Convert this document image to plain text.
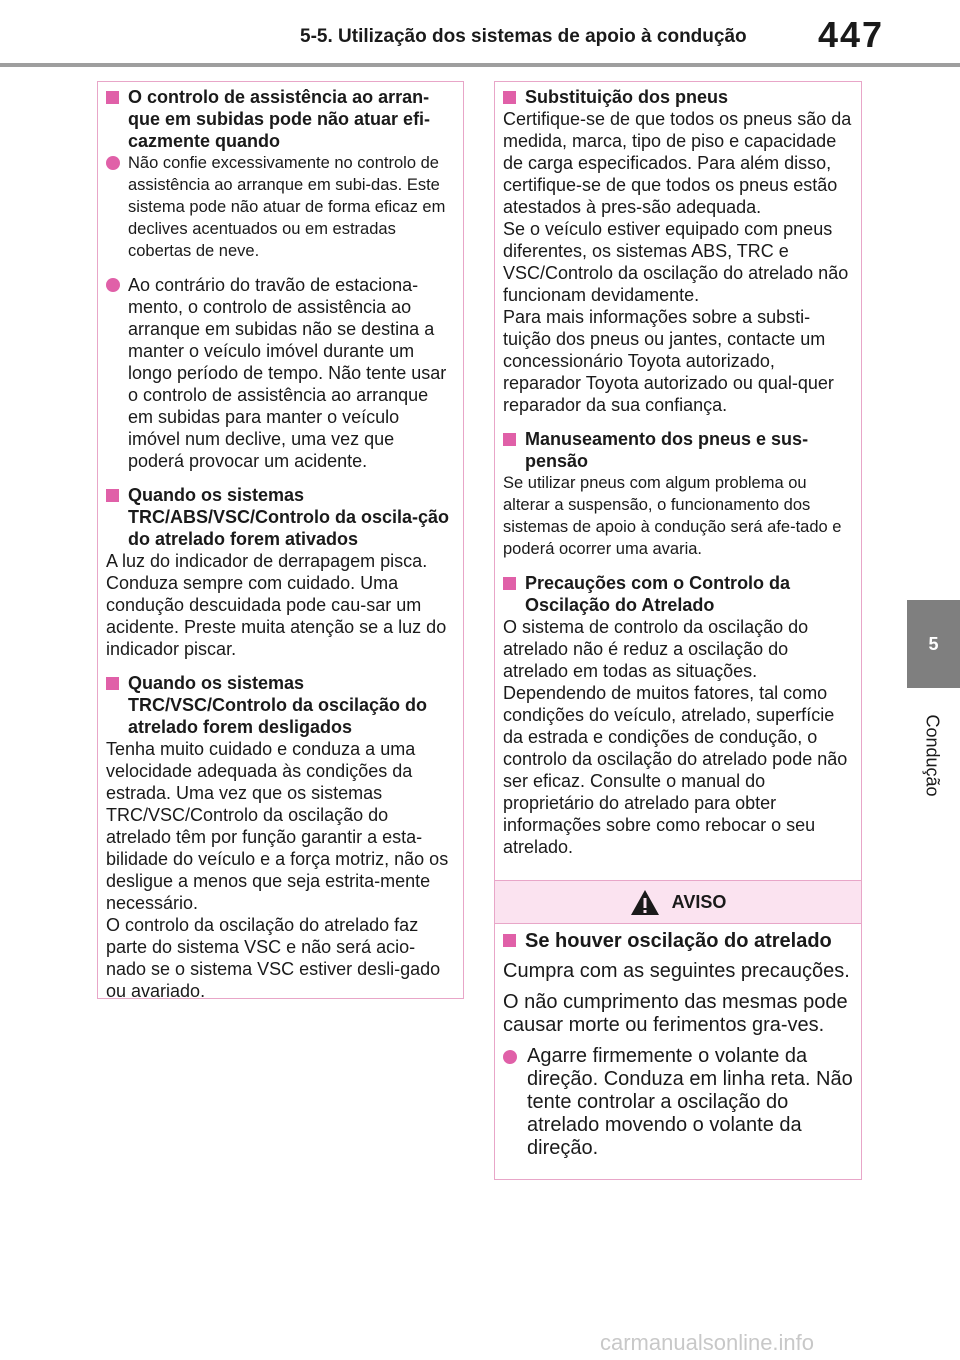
5-5. Utilização dos sistemas de apoio à condução	447
5
Condução
O controlo de assistência ao arran-que em subidas pode não atuar efi-cazmente quando
Não confie excessivamente no controlo de assistência ao arranque em subi-das. Este sistema pode não atuar de forma eficaz em declives acentuados ou em estradas cobertas de neve.
Ao contrário do travão de estaciona-mento, o controlo de assistência ao arranque em subidas não se destina a manter o veículo imóvel durante um longo período de tempo. Não tente usar o controlo de assistência ao arranque em subidas para manter o veículo imóvel num declive, uma vez que poderá provocar um acidente.
Quando os sistemas TRC/ABS/VSC/Controlo da oscila-ção do atrelado forem ativados
A luz do indicador de derrapagem pisca. Conduza sempre com cuidado. Uma condução descuidada pode cau-sar um acidente. Preste muita atenção se a luz do indicador piscar.
Quando os sistemas TRC/VSC/Controlo da oscilação do atrelado forem desligados
Tenha muito cuidado e conduza a uma velocidade adequada às condições da estrada. Uma vez que os sistemas TRC/VSC/Controlo da oscilação do atrelado têm por função garantir a esta-bilidade do veículo e a força motriz, não os desligue a menos que seja estrita-mente necessário.
O controlo da oscilação do atrelado faz parte do sistema VSC e não será acio-nado se o sistema VSC estiver desli-gado ou avariado.
Substituição dos pneus
Certifique-se de que todos os pneus são da medida, marca, tipo de piso e capacidade de carga especificados. Para além disso, certifique-se de que todos os pneus estão atestados à pres-são adequada.
Se o veículo estiver equipado com pneus diferentes, os sistemas ABS, TRC e VSC/Controlo da oscilação do atrelado não funcionam devidamente.
Para mais informações sobre a substi-tuição dos pneus ou jantes, contacte um concessionário Toyota autorizado, reparador Toyota autorizado ou qual-quer reparador da sua confiança.
Manuseamento dos pneus e sus-pensão
Se utilizar pneus com algum problema ou alterar a suspensão, o funcionamento dos sistemas de apoio à condução será afe-tado e poderá ocorrer uma avaria.
Precauções com o Controlo da Oscilação do Atrelado
O sistema de controlo da oscilação do atrelado não é reduz a oscilação do atrelado em todas as situações. Dependendo de muitos fatores, tal como condições do veículo, atrelado, superfície da estrada e condições de condução, o controlo da oscilação do atrelado pode não ser eficaz. Consulte o manual do proprietário do atrelado para obter informações sobre como rebocar o seu atrelado.
AVISO
Se houver oscilação do atrelado
Cumpra com as seguintes precauções.
O não cumprimento das mesmas pode causar morte ou ferimentos gra-ves.
Agarre firmemente o volante da direção. Conduza em linha reta. Não tente controlar a oscilação do atrelado movendo o volante da direção.
carmanualsonline.info
